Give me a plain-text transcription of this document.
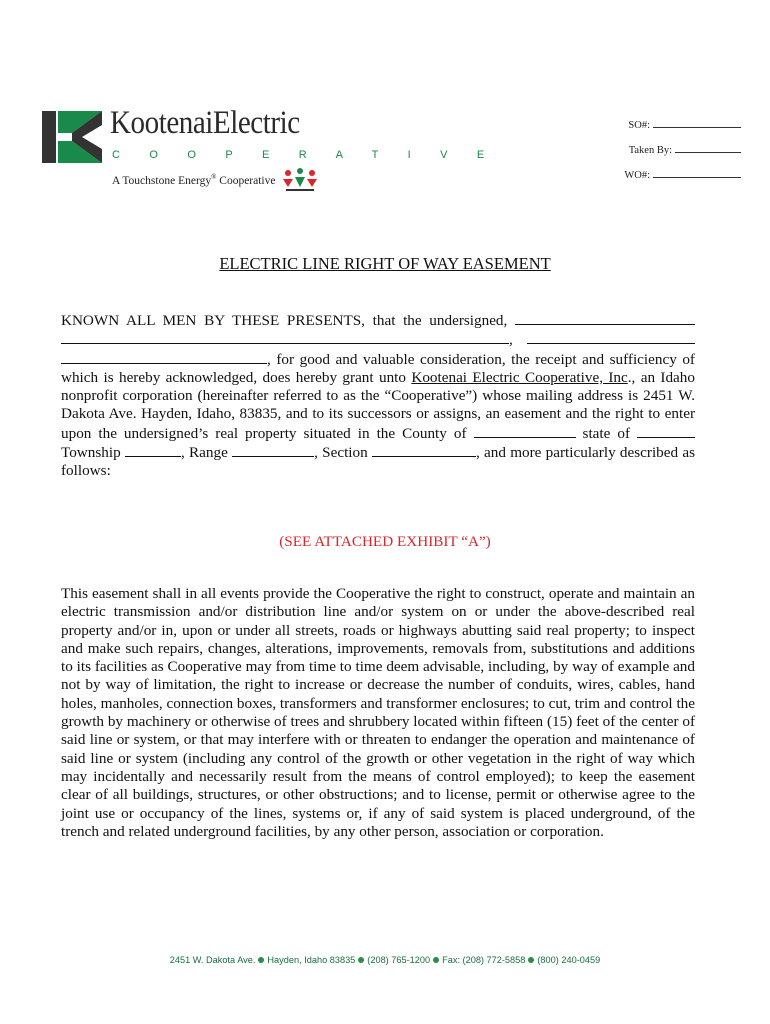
KootenaiElectric
C O O P E R A T I V E
A Touchstone Energy® Cooperative
SO#:
Taken By:
WO#:
ELECTRIC LINE RIGHT OF WAY EASEMENT
KNOWN ALL MEN BY THESE PRESENTS, that the undersigned,  ,  , for good and valuable consideration, the receipt and sufficiency of which is hereby acknowledged, does hereby grant unto Kootenai Electric Cooperative, Inc., an Idaho nonprofit corporation (hereinafter referred to as the “Cooperative”) whose mailing address is 2451 W. Dakota Ave. Hayden, Idaho, 83835, and to its successors or assigns, an easement and the right to enter upon the undersigned’s real property situated in the County of	state of  Township	, Range	, Section	, and more particularly described as follows:
(SEE ATTACHED EXHIBIT “A”)
This easement shall in all events provide the Cooperative the right to construct, operate and maintain an electric transmission and/or distribution line and/or system on or under the above-described real property and/or in, upon or under all streets, roads or highways abutting said real property; to inspect and make such repairs, changes, alterations, improvements, removals from, substitutions and additions to its facilities as Cooperative may from time to time deem advisable, including, by way of example and not by way of limitation, the right to increase or decrease the number of conduits, wires, cables, hand holes, manholes, connection boxes, transformers and transformer enclosures; to cut, trim and control the growth by machinery or otherwise of trees and shrubbery located within fifteen (15) feet of the center of said line or system, or that may interfere with or threaten to endanger the operation and maintenance of said line or system (including any control of the growth or other vegetation in the right of way which may incidentally and necessarily result from the means of control employed); to keep the easement clear of all buildings, structures, or other obstructions; and to license, permit or otherwise agree to the joint use or occupancy of the lines, systems or, if any of said system is placed underground, of the trench and related underground facilities, by any other person, association or corporation.
2451 W. Dakota Ave. Hayden, Idaho 83835 (208) 765-1200 Fax: (208) 772-5858 (800) 240-0459
